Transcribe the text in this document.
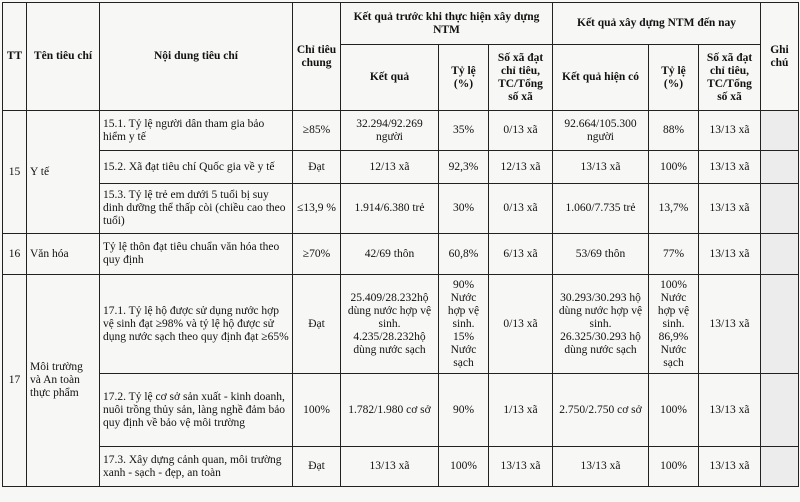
TT	Tên tiêu chí	Nội dung tiêu chí	Chỉ tiêu chung	Kết quả trước khi thực hiện xây dựng NTM			Kết quả xây dựng NTM đến nay			Ghi chú
				Kết quả	Tỷ lệ (%)	Số xã đạt chỉ tiêu, TC/Tổng số xã	Kết quả hiện có	Tỷ lệ (%)	Số xã đạt chỉ tiêu, TC/Tổng số xã	
15	Y tế	15.1. Tỷ lệ người dân tham gia bảo hiểm y tế	≥85%	32.294/92.269 người	35%	0/13 xã	92.664/105.300 người	88%	13/13 xã	
		15.2. Xã đạt tiêu chí Quốc gia về y tế	Đạt	12/13 xã	92,3%	12/13 xã	13/13 xã	100%	13/13 xã	
		15.3. Tỷ lệ trẻ em dưới 5 tuổi bị suy dinh dưỡng thể thấp còi (chiều cao theo tuổi)	≤13,9 %	1.914/6.380 trẻ	30%	0/13 xã	1.060/7.735 trẻ	13,7%	13/13 xã	
16	Văn hóa	Tỷ lệ thôn đạt tiêu chuẩn văn hóa theo quy định	≥70%	42/69 thôn	60,8%	6/13 xã	53/69 thôn	77%	13/13 xã	
17	Môi trường và An toàn thực phẩm	17.1. Tỷ lệ hộ được sử dụng nước hợp vệ sinh đạt ≥98% và tỷ lệ hộ được sử dụng nước sạch theo quy định đạt ≥65%	Đạt	25.409/28.232hộ dùng nước hợp vệ sinh. 4.235/28.232hộ dùng nước sạch	90% Nước hợp vệ sinh. 15% Nước sạch	0/13 xã	30.293/30.293 hộ dùng nước hợp vệ sinh. 26.325/30.293 hộ dùng nước sạch	100% Nước hợp vệ sinh. 86,9% Nước sạch	13/13 xã	
		17.2. Tỷ lệ cơ sở sản xuất - kinh doanh, nuôi trồng thủy sản, làng nghề đảm bảo quy định về bảo vệ môi trường	100%	1.782/1.980 cơ sở	90%	1/13 xã	2.750/2.750 cơ sở	100%	13/13 xã	
		17.3. Xây dựng cảnh quan, môi trường xanh - sạch - đẹp, an toàn	Đạt	13/13 xã	100%	13/13 xã	13/13 xã	100%	13/13 xã	
